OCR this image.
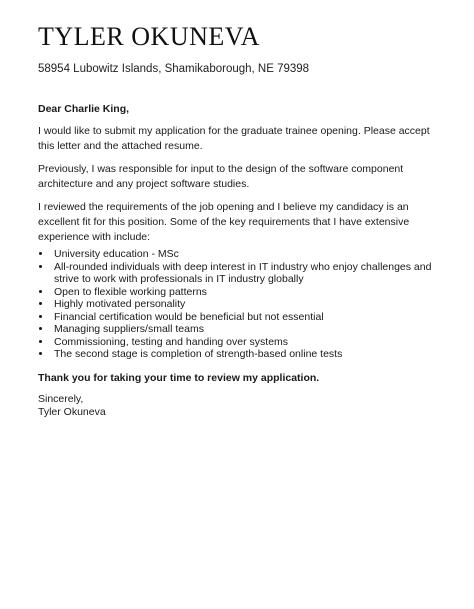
TYLER OKUNEVA
58954 Lubowitz Islands, Shamikaborough, NE 79398
Dear Charlie King,
I would like to submit my application for the graduate trainee opening. Please accept this letter and the attached resume.
Previously, I was responsible for input to the design of the software component architecture and any project software studies.
I reviewed the requirements of the job opening and I believe my candidacy is an excellent fit for this position. Some of the key requirements that I have extensive experience with include:
• University education - MSc
• All-rounded individuals with deep interest in IT industry who enjoy challenges and strive to work with professionals in IT industry globally
• Open to flexible working patterns
• Highly motivated personality
• Financial certification would be beneficial but not essential
• Managing suppliers/small teams
• Commissioning, testing and handing over systems
• The second stage is completion of strength-based online tests
Thank you for taking your time to review my application.
Sincerely,
Tyler Okuneva
